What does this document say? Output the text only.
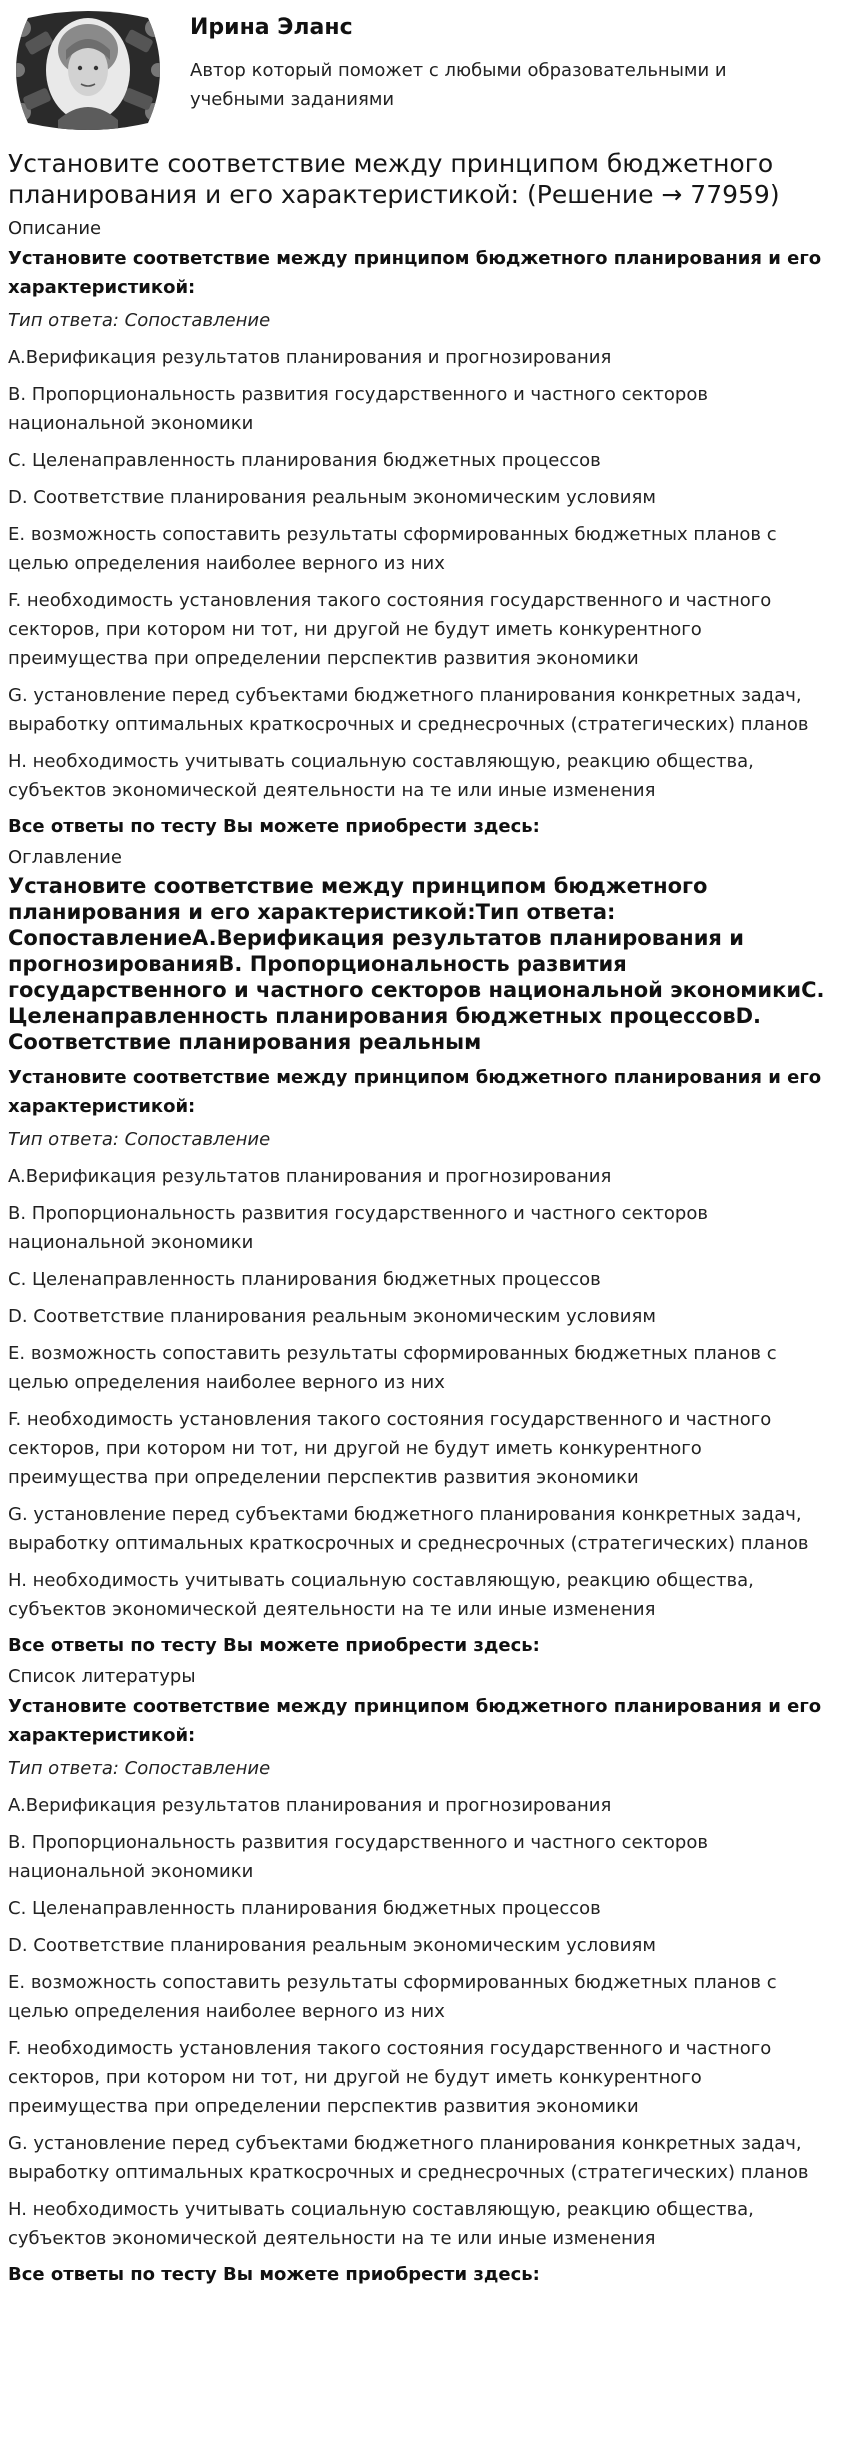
Ирина Эланс

Автор который поможет с любыми образовательными и учебными заданиями

Установите соответствие между принципом бюджетного планирования и его характеристикой: (Решение → 77959)
Описание
Установите соответствие между принципом бюджетного планирования и его характеристикой:
Тип ответа: Сопоставление
A.Верификация результатов планирования и прогнозирования
B. Пропорциональность развития государственного и частного секторов национальной экономики
C. Целенаправленность планирования бюджетных процессов
D. Соответствие планирования реальным экономическим условиям
E. возможность сопоставить результаты сформированных бюджетных планов с целью определения наиболее верного из них
F. необходимость установления такого состояния государственного и частного секторов, при котором ни тот, ни другой не будут иметь конкурентного преимущества при определении перспектив развития экономики
G. установление перед субъектами бюджетного планирования конкретных задач, выработку оптимальных краткосрочных и среднесрочных (стратегических) планов
H. необходимость учитывать социальную составляющую, реакцию общества, субъектов экономической деятельности на те или иные изменения
Все ответы по тесту Вы можете приобрести здесь:
Оглавление
Установите соответствие между принципом бюджетного планирования и его характеристикой:Тип ответа: СопоставлениеA.Верификация результатов планирования и прогнозированияB. Пропорциональность развития государственного и частного секторов национальной экономикиC. Целенаправленность планирования бюджетных процессовD. Соответствие планирования реальным
Установите соответствие между принципом бюджетного планирования и его характеристикой:
Тип ответа: Сопоставление
A.Верификация результатов планирования и прогнозирования
B. Пропорциональность развития государственного и частного секторов национальной экономики
C. Целенаправленность планирования бюджетных процессов
D. Соответствие планирования реальным экономическим условиям
E. возможность сопоставить результаты сформированных бюджетных планов с целью определения наиболее верного из них
F. необходимость установления такого состояния государственного и частного секторов, при котором ни тот, ни другой не будут иметь конкурентного преимущества при определении перспектив развития экономики
G. установление перед субъектами бюджетного планирования конкретных задач, выработку оптимальных краткосрочных и среднесрочных (стратегических) планов
H. необходимость учитывать социальную составляющую, реакцию общества, субъектов экономической деятельности на те или иные изменения
Все ответы по тесту Вы можете приобрести здесь:
Список литературы
Установите соответствие между принципом бюджетного планирования и его характеристикой:
Тип ответа: Сопоставление
A.Верификация результатов планирования и прогнозирования
B. Пропорциональность развития государственного и частного секторов национальной экономики
C. Целенаправленность планирования бюджетных процессов
D. Соответствие планирования реальным экономическим условиям
E. возможность сопоставить результаты сформированных бюджетных планов с целью определения наиболее верного из них
F. необходимость установления такого состояния государственного и частного секторов, при котором ни тот, ни другой не будут иметь конкурентного преимущества при определении перспектив развития экономики
G. установление перед субъектами бюджетного планирования конкретных задач, выработку оптимальных краткосрочных и среднесрочных (стратегических) планов
H. необходимость учитывать социальную составляющую, реакцию общества, субъектов экономической деятельности на те или иные изменения
Все ответы по тесту Вы можете приобрести здесь:
